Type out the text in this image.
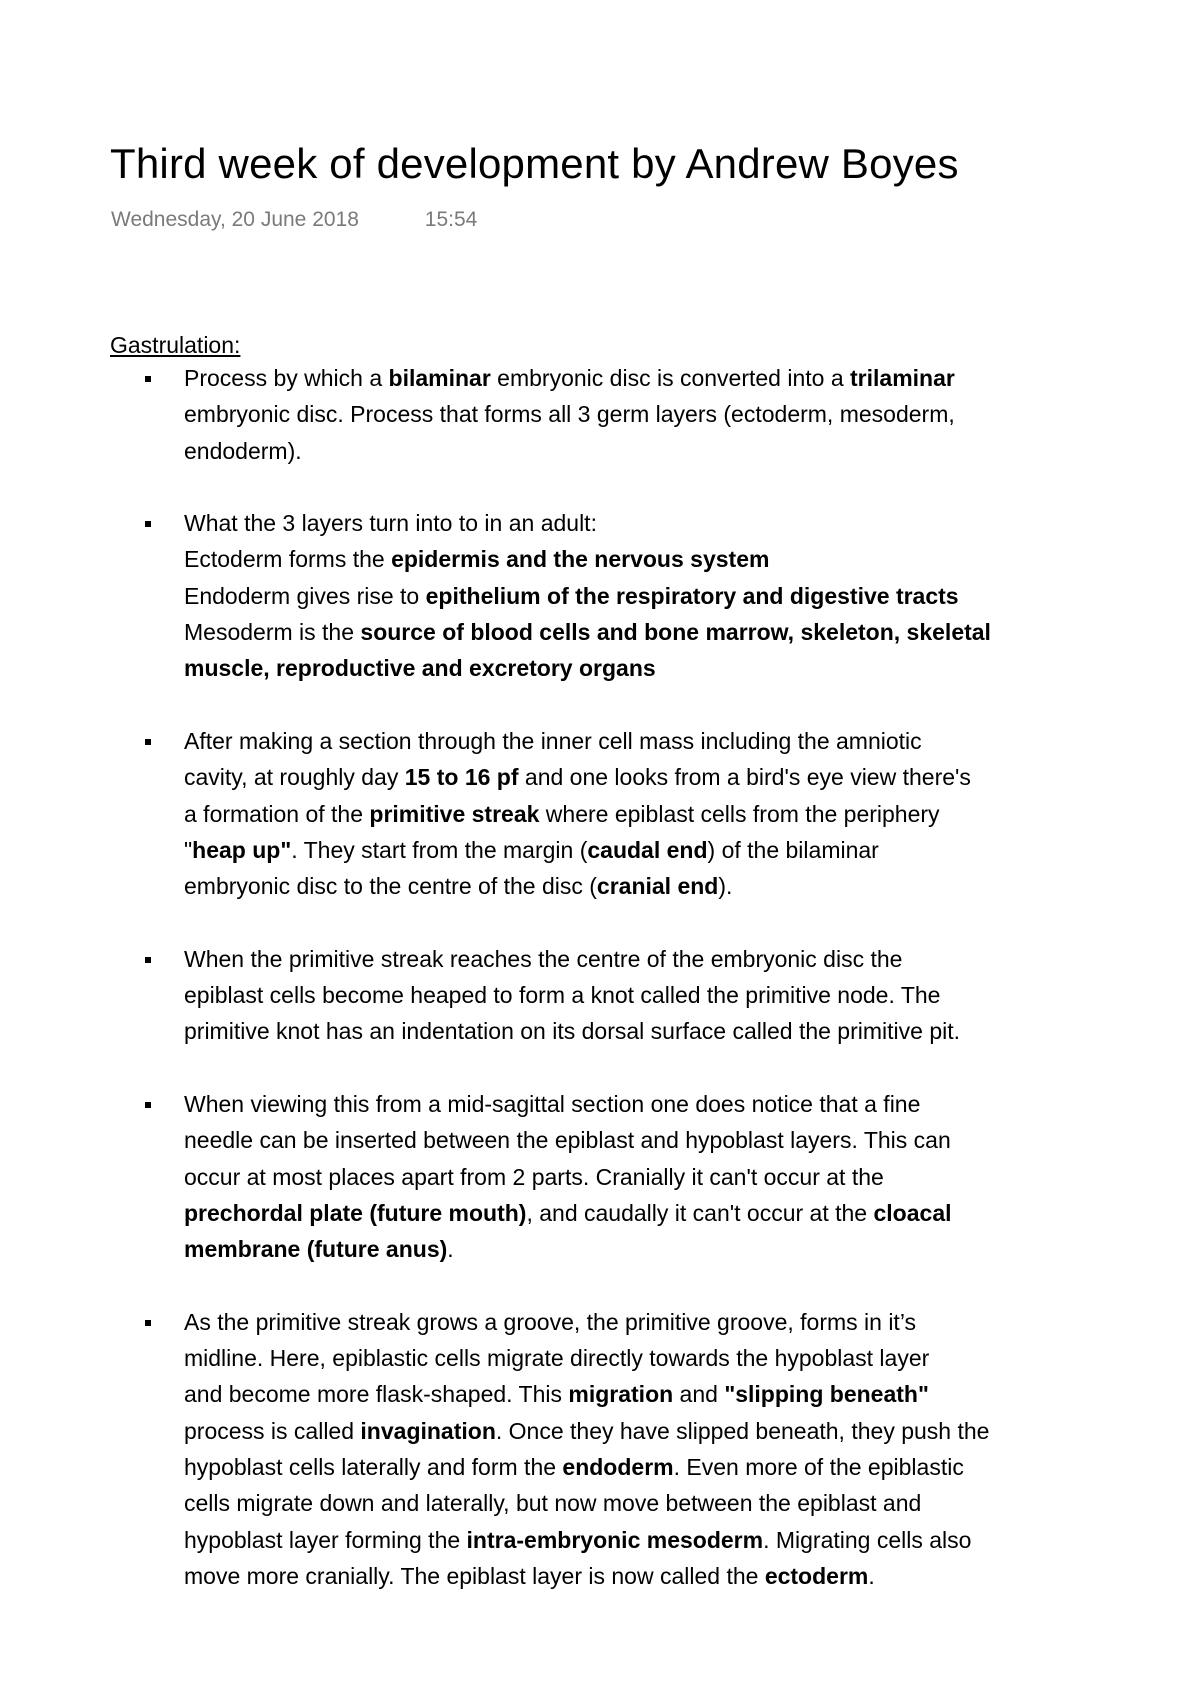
Third week of development by Andrew Boyes
Wednesday, 20 June 2018	15:54
Gastrulation:
Process by which a bilaminar embryonic disc is converted into a trilaminar
embryonic disc. Process that forms all 3 germ layers (ectoderm, mesoderm,
endoderm).
What the 3 layers turn into to in an adult:
Ectoderm forms the epidermis and the nervous system
Endoderm gives rise to epithelium of the respiratory and digestive tracts
Mesoderm is the source of blood cells and bone marrow, skeleton, skeletal
muscle, reproductive and excretory organs
After making a section through the inner cell mass including the amniotic
cavity, at roughly day 15 to 16 pf and one looks from a bird's eye view there's
a formation of the primitive streak where epiblast cells from the periphery
"heap up". They start from the margin (caudal end) of the bilaminar
embryonic disc to the centre of the disc (cranial end).
When the primitive streak reaches the centre of the embryonic disc the
epiblast cells become heaped to form a knot called the primitive node. The
primitive knot has an indentation on its dorsal surface called the primitive pit.
When viewing this from a mid-sagittal section one does notice that a fine
needle can be inserted between the epiblast and hypoblast layers. This can
occur at most places apart from 2 parts. Cranially it can't occur at the
prechordal plate (future mouth), and caudally it can't occur at the cloacal
membrane (future anus).
As the primitive streak grows a groove, the primitive groove, forms in it’s
midline. Here, epiblastic cells migrate directly towards the hypoblast layer
and become more flask-shaped. This migration and "slipping beneath"
process is called invagination. Once they have slipped beneath, they push the
hypoblast cells laterally and form the endoderm. Even more of the epiblastic
cells migrate down and laterally, but now move between the epiblast and
hypoblast layer forming the intra-embryonic mesoderm. Migrating cells also
move more cranially. The epiblast layer is now called the ectoderm.
